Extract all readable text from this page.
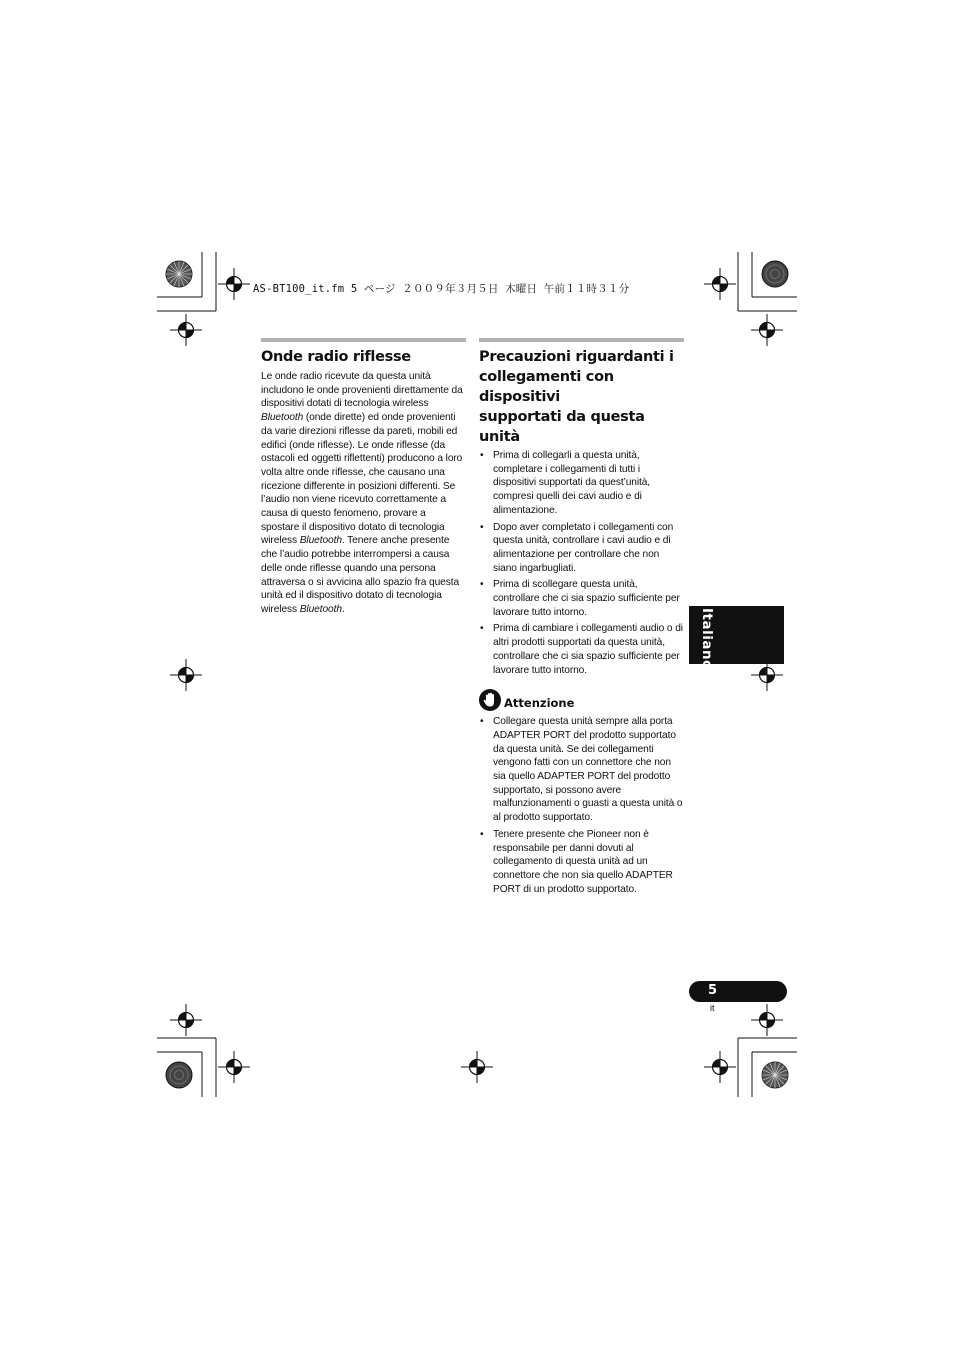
AS-BT100_it.fm 5 ページ ２００９年３月５日 木曜日 午前１１時３１分
Onde radio riflesse

Le onde radio ricevute da questa unità includono le onde provenienti direttamente da dispositivi dotati di tecnologia wireless Bluetooth (onde dirette) ed onde provenienti da varie direzioni riflesse da pareti, mobili ed edifici (onde riflesse). Le onde riflesse (da ostacoli ed oggetti riflettenti) producono a loro volta altre onde riflesse, che causano una ricezione differente in posizioni differenti. Se l’audio non viene ricevuto correttamente a causa di questo fenomeno, provare a spostare il dispositivo dotato di tecnologia wireless Bluetooth. Tenere anche presente che l’audio potrebbe interrompersi a causa delle onde riflesse quando una persona attraversa o si avvicina allo spazio fra questa unità ed il dispositivo dotato di tecnologia wireless Bluetooth.

Precauzioni riguardanti i
collegamenti con dispositivi
supportati da questa unità
• Prima di collegarli a questa unità, completare i collegamenti di tutti i dispositivi supportati da quest’unità, compresi quelli dei cavi audio e di alimentazione.
• Dopo aver completato i collegamenti con questa unità, controllare i cavi audio e di alimentazione per controllare che non siano ingarbugliati.
• Prima di scollegare questa unità, controllare che ci sia spazio sufficiente per lavorare tutto intorno.
• Prima di cambiare i collegamenti audio o di altri prodotti supportati da questa unità, controllare che ci sia spazio sufficiente per lavorare tutto intorno.
Attenzione
• Collegare questa unità sempre alla porta ADAPTER PORT del prodotto supportato da questa unità. Se dei collegamenti vengono fatti con un connettore che non sia quello ADAPTER PORT del prodotto supportato, si possono avere malfunzionamenti o guasti a questa unità o al prodotto supportato.
• Tenere presente che Pioneer non è responsabile per danni dovuti al collegamento di questa unità ad un connettore che non sia quello ADAPTER PORT di un prodotto supportato.
Italiano
5
it
